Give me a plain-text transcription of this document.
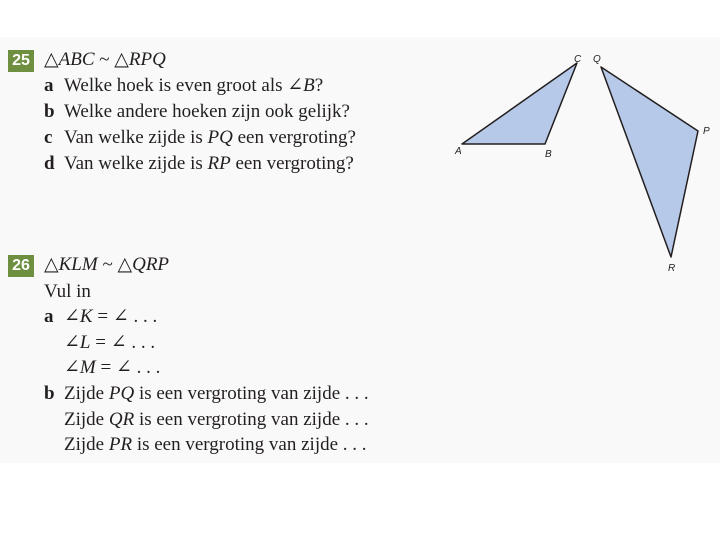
25 △ABC ~ △RPQ
a Welke hoek is even groot als ∠B?
b Welke andere hoeken zijn ook gelijk?
c Van welke zijde is PQ een vergroting?
d Van welke zijde is RP een vergroting?
A	B
C Q
P
R
26 △KLM ~ △QRP
Vul in
a ∠K = ∠ . . .
∠L = ∠ . . .
∠M = ∠ . . .
b Zijde PQ is een vergroting van zijde . . .
Zijde QR is een vergroting van zijde . . .
Zijde PR is een vergroting van zijde . . .
